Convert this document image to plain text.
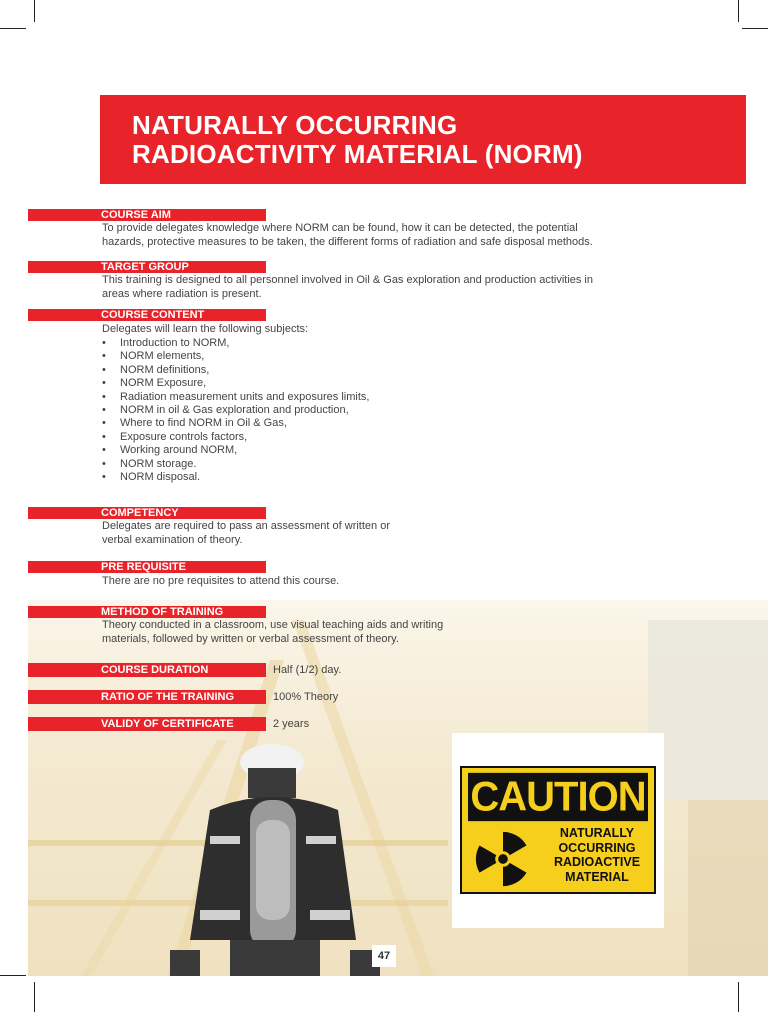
NATURALLY OCCURRING
RADIOACTIVITY MATERIAL (NORM)
COURSE AIM
To provide delegates knowledge where NORM can be found, how it can be detected, the potential
hazards, protective measures to be taken, the different forms of radiation and safe disposal methods.
TARGET GROUP
This training is designed to all personnel involved in Oil & Gas exploration and production activities in
areas where radiation is present.
COURSE CONTENT
Delegates will learn the following subjects:
• Introduction to NORM,
• NORM elements,
• NORM definitions,
• NORM Exposure,
• Radiation measurement units and exposures limits,
• NORM in oil & Gas exploration and production,
• Where to find NORM in Oil & Gas,
• Exposure controls factors,
• Working around NORM,
• NORM storage.
• NORM disposal.
COMPETENCY
Delegates are required to pass an assessment of written or
verbal examination of theory.
PRE REQUISITE
There are no pre requisites to attend this course.
METHOD OF TRAINING
Theory conducted in a classroom, use visual teaching aids and writing
materials, followed by written or verbal assessment of theory.
COURSE DURATION	Half (1/2) day.
RATIO OF THE TRAINING	100% Theory
VALIDY OF CERTIFICATE	2 years
CAUTION
NATURALLY
OCCURRING
RADIOACTIVE
MATERIAL
47
